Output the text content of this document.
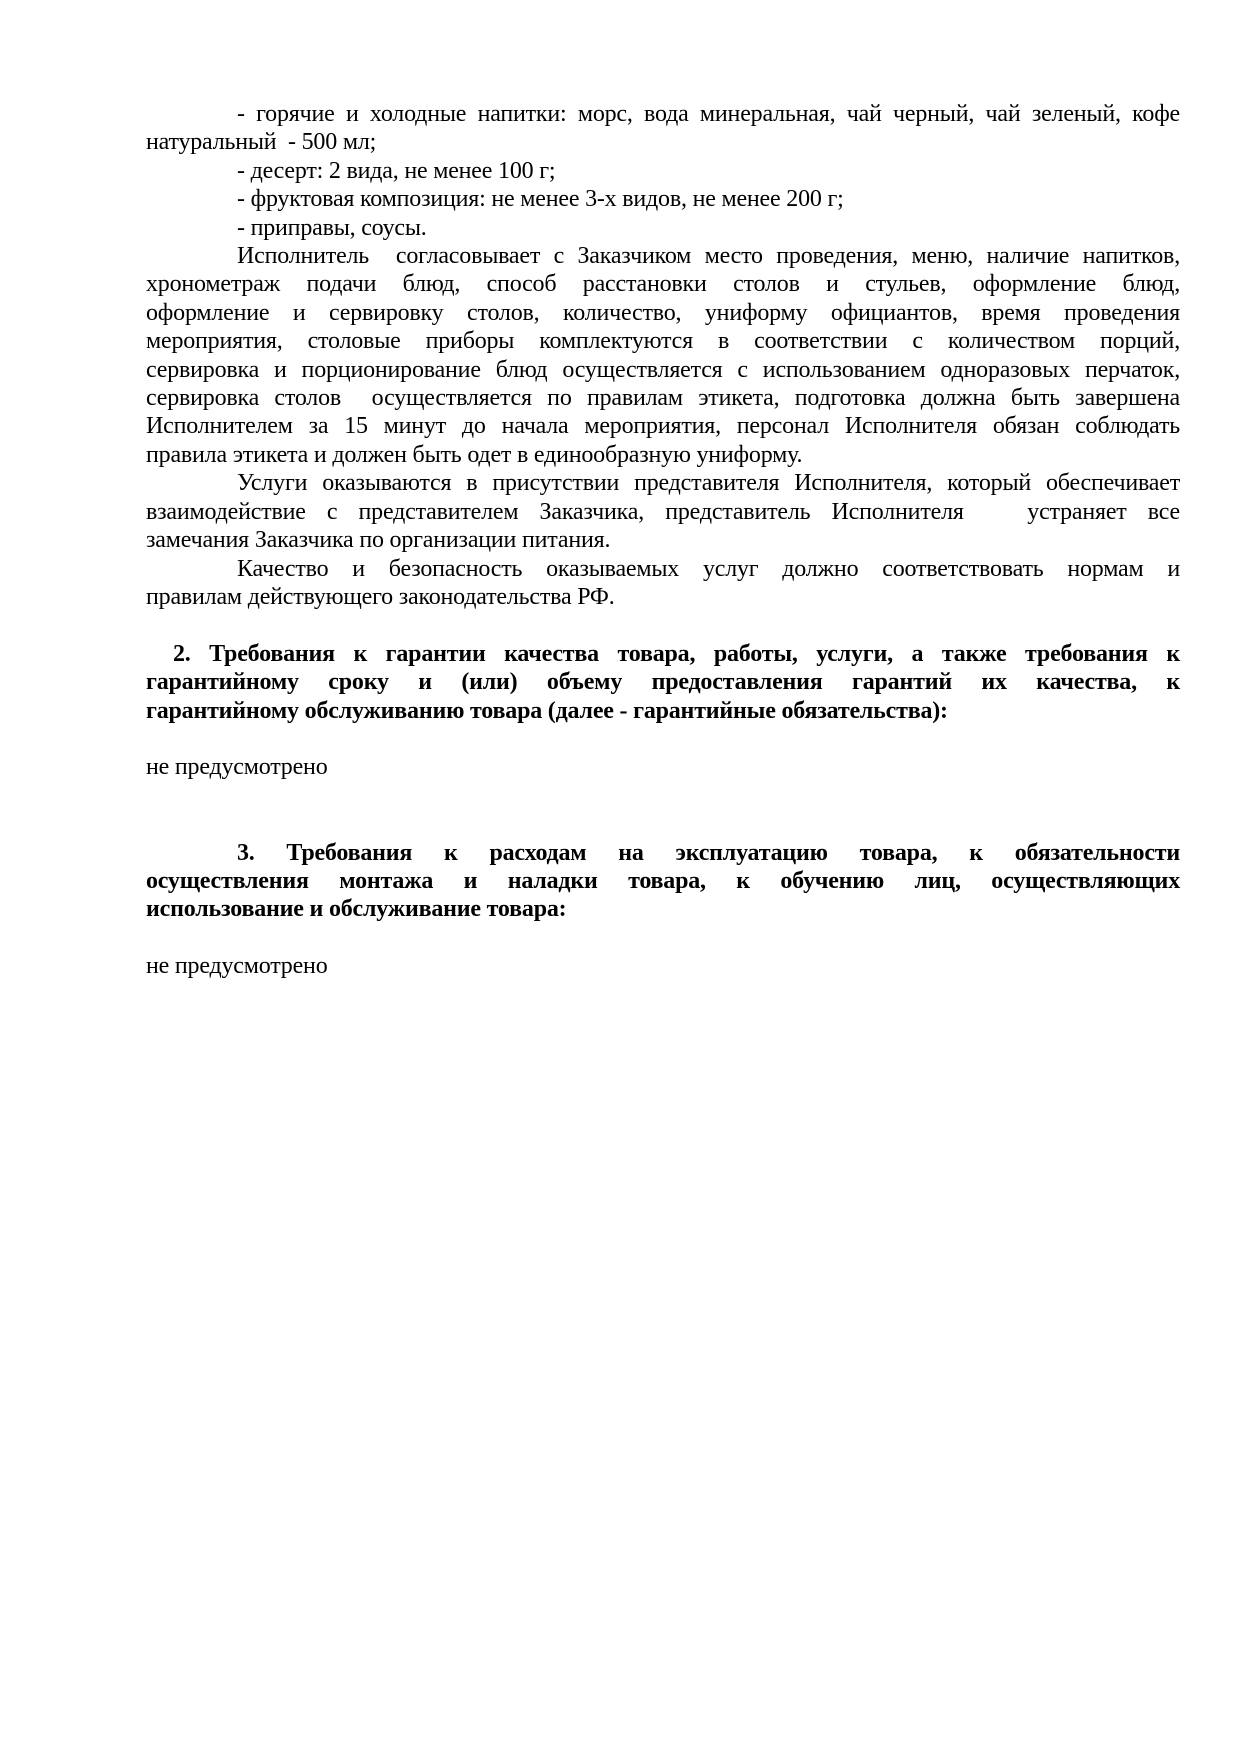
- горячие и холодные напитки: морс, вода минеральная, чай черный, чай зеленый, кофе
натуральный  - 500 мл;
- десерт: 2 вида, не менее 100 г;
- фруктовая композиция: не менее 3-х видов, не менее 200 г;
- приправы, соусы.
Исполнитель  согласовывает с Заказчиком место проведения, меню, наличие напитков,
хронометраж подачи блюд, способ расстановки столов и стульев, оформление блюд,
оформление и сервировку столов, количество, униформу официантов, время проведения
мероприятия, столовые приборы комплектуются в соответствии с количеством порций,
сервировка и порционирование блюд осуществляется с использованием одноразовых перчаток,
сервировка столов  осуществляется по правилам этикета, подготовка должна быть завершена
Исполнителем за 15 минут до начала мероприятия, персонал Исполнителя обязан соблюдать
правила этикета и должен быть одет в единообразную униформу.
Услуги оказываются в присутствии представителя Исполнителя, который обеспечивает
взаимодействие с представителем Заказчика, представитель Исполнителя   устраняет все
замечания Заказчика по организации питания.
Качество и безопасность оказываемых услуг должно соответствовать нормам и
правилам действующего законодательства РФ.
2. Требования к гарантии качества товара, работы, услуги, а также требования к
гарантийному сроку и (или) объему предоставления гарантий их качества, к
гарантийному обслуживанию товара (далее - гарантийные обязательства):
не предусмотрено
3. Требования к расходам на эксплуатацию товара, к обязательности
осуществления монтажа и наладки товара, к обучению лиц, осуществляющих
использование и обслуживание товара:
не предусмотрено
